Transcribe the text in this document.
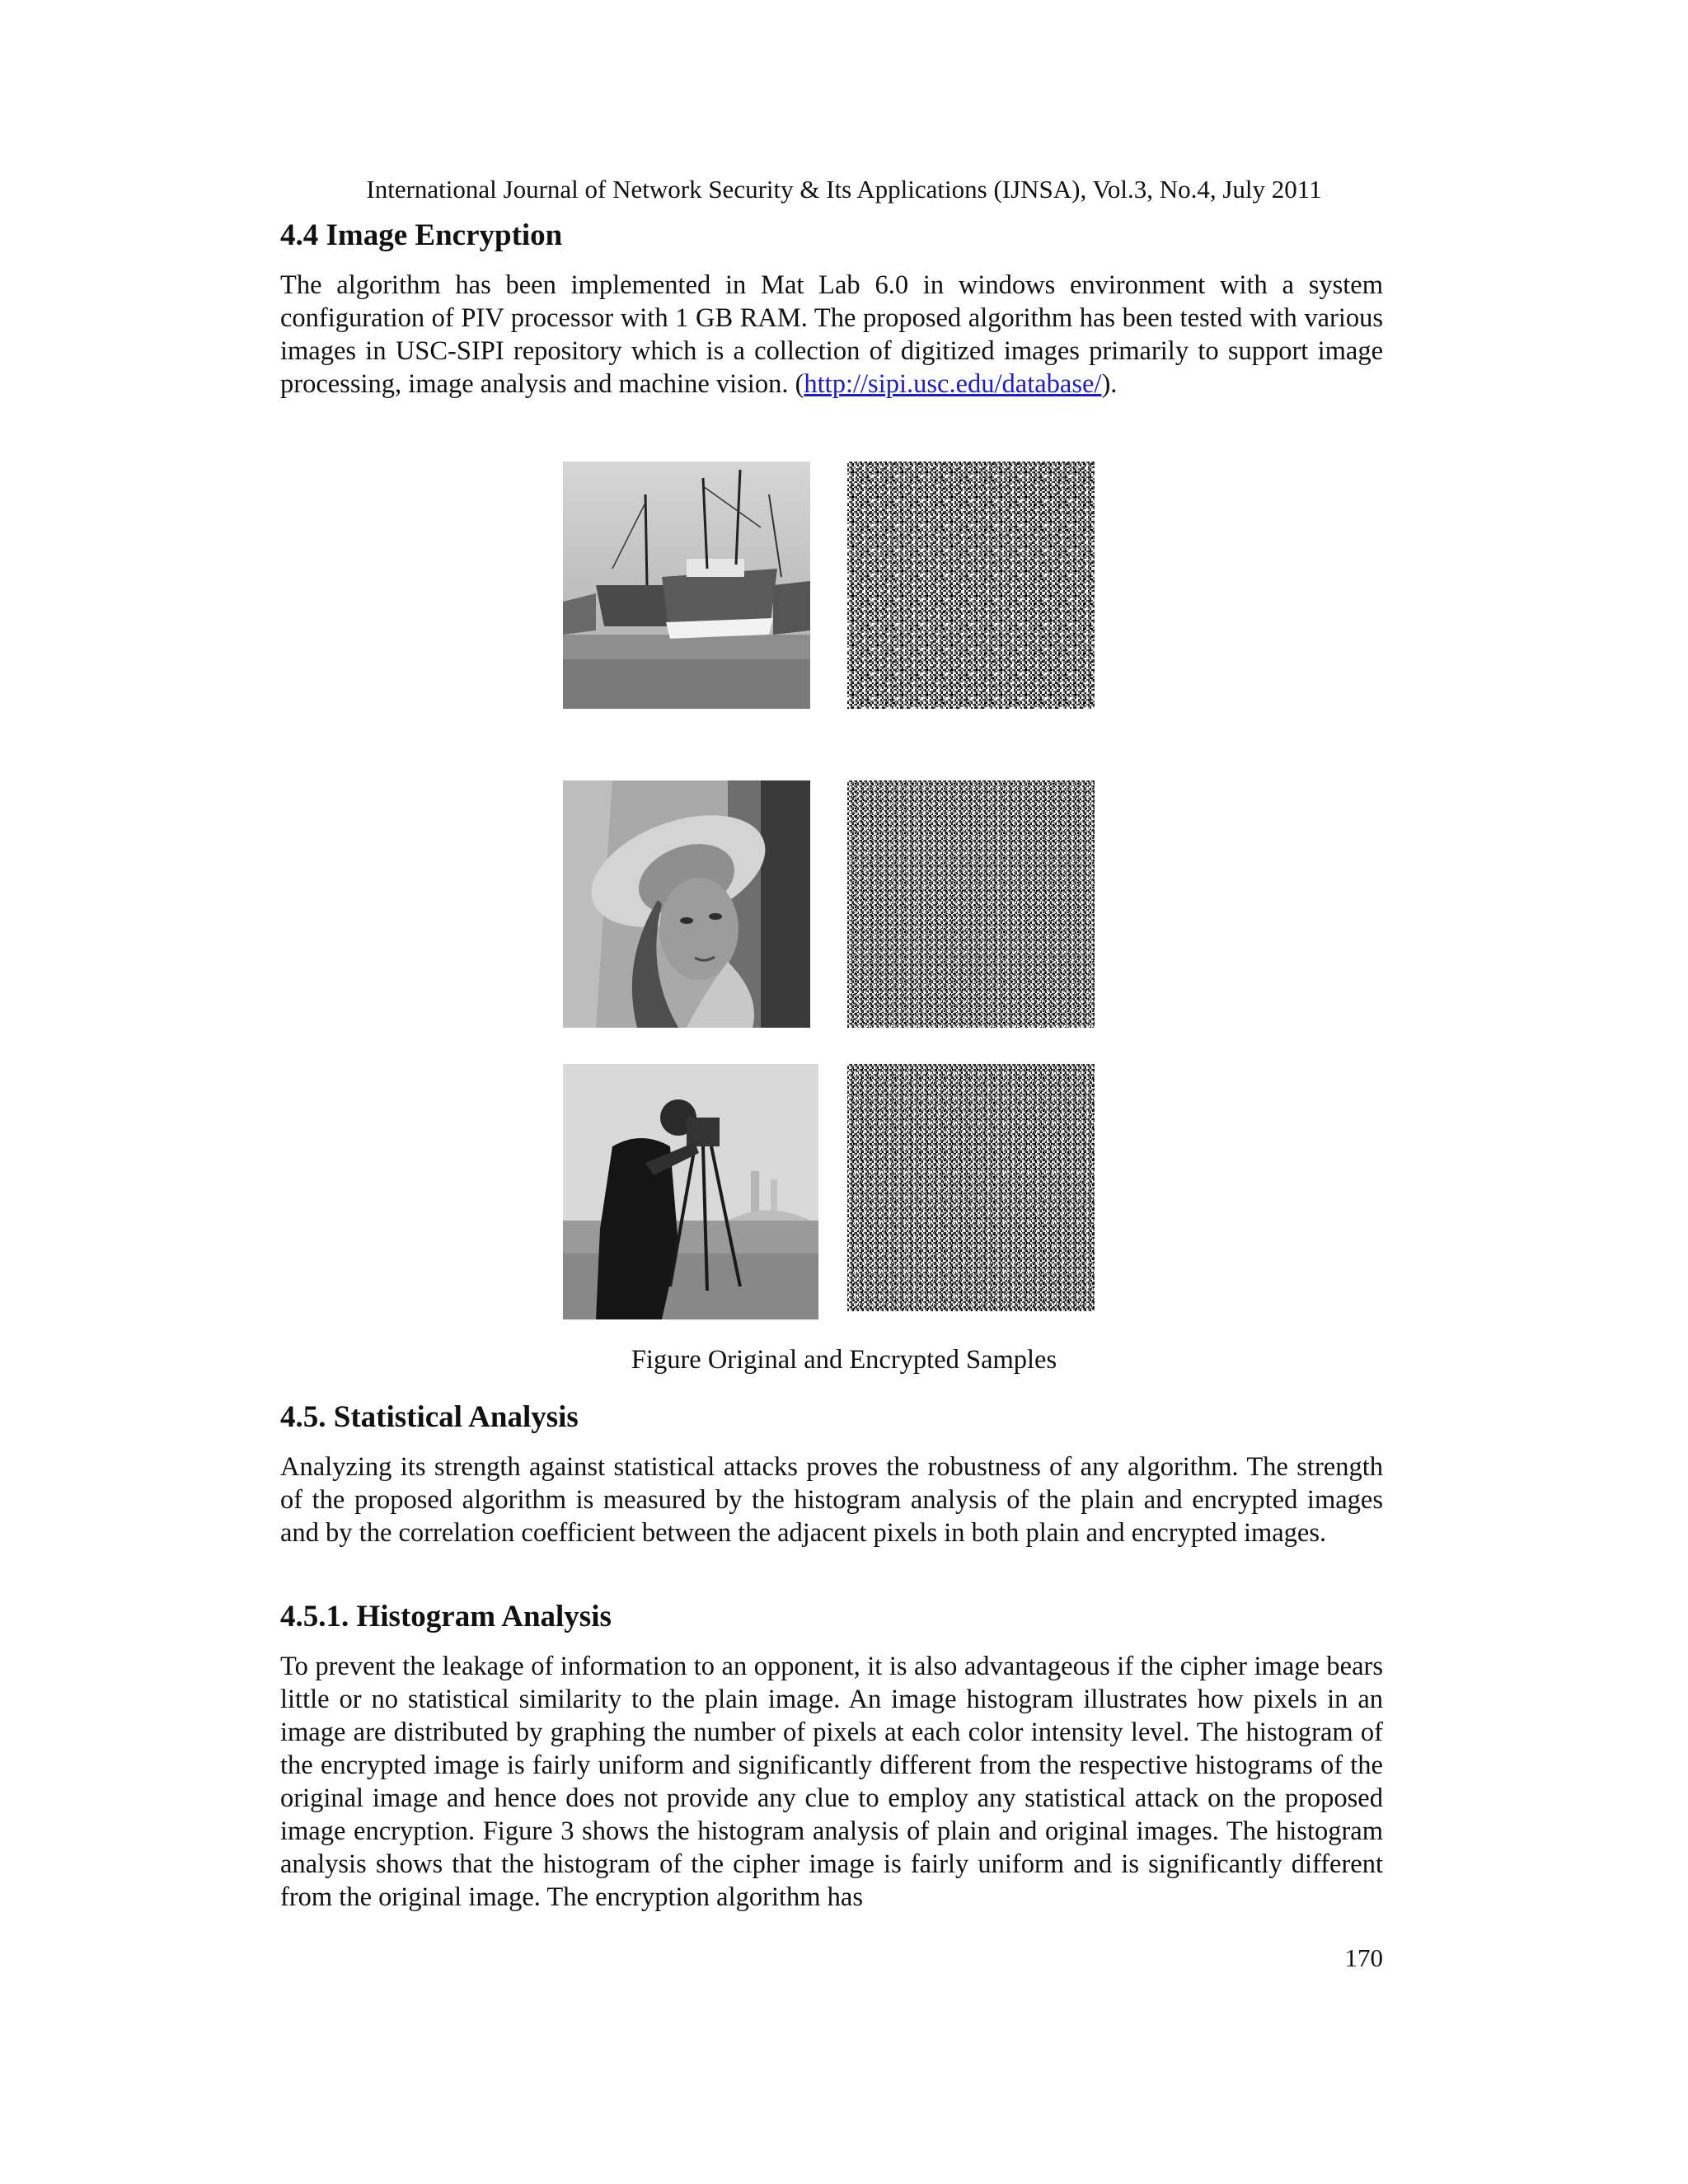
International Journal of Network Security & Its Applications (IJNSA), Vol.3, No.4, July 2011
4.4 Image Encryption

The algorithm has been implemented in Mat Lab 6.0 in windows environment with a system configuration of PIV processor with 1 GB RAM. The proposed algorithm has been tested with various images in USC-SIPI repository which is a collection of digitized images primarily to support image processing, image analysis and machine vision. (http://sipi.usc.edu/database/).

Figure Original and Encrypted Samples
4.5. Statistical Analysis

Analyzing its strength against statistical attacks proves the robustness of any algorithm. The strength of the proposed algorithm is measured by the histogram analysis of the plain and encrypted images and by the correlation coefficient between the adjacent pixels in both plain and encrypted images.

4.5.1. Histogram Analysis

To prevent the leakage of information to an opponent, it is also advantageous if the cipher image bears little or no statistical similarity to the plain image. An image histogram illustrates how pixels in an image are distributed by graphing the number of pixels at each color intensity level. The histogram of the encrypted image is fairly uniform and significantly different from the respective histograms of the original image and hence does not provide any clue to employ any statistical attack on the proposed image encryption. Figure 3 shows the histogram analysis of plain and original images. The histogram analysis shows that the histogram of the cipher image is fairly uniform and is significantly different from the original image. The encryption algorithm has

170
